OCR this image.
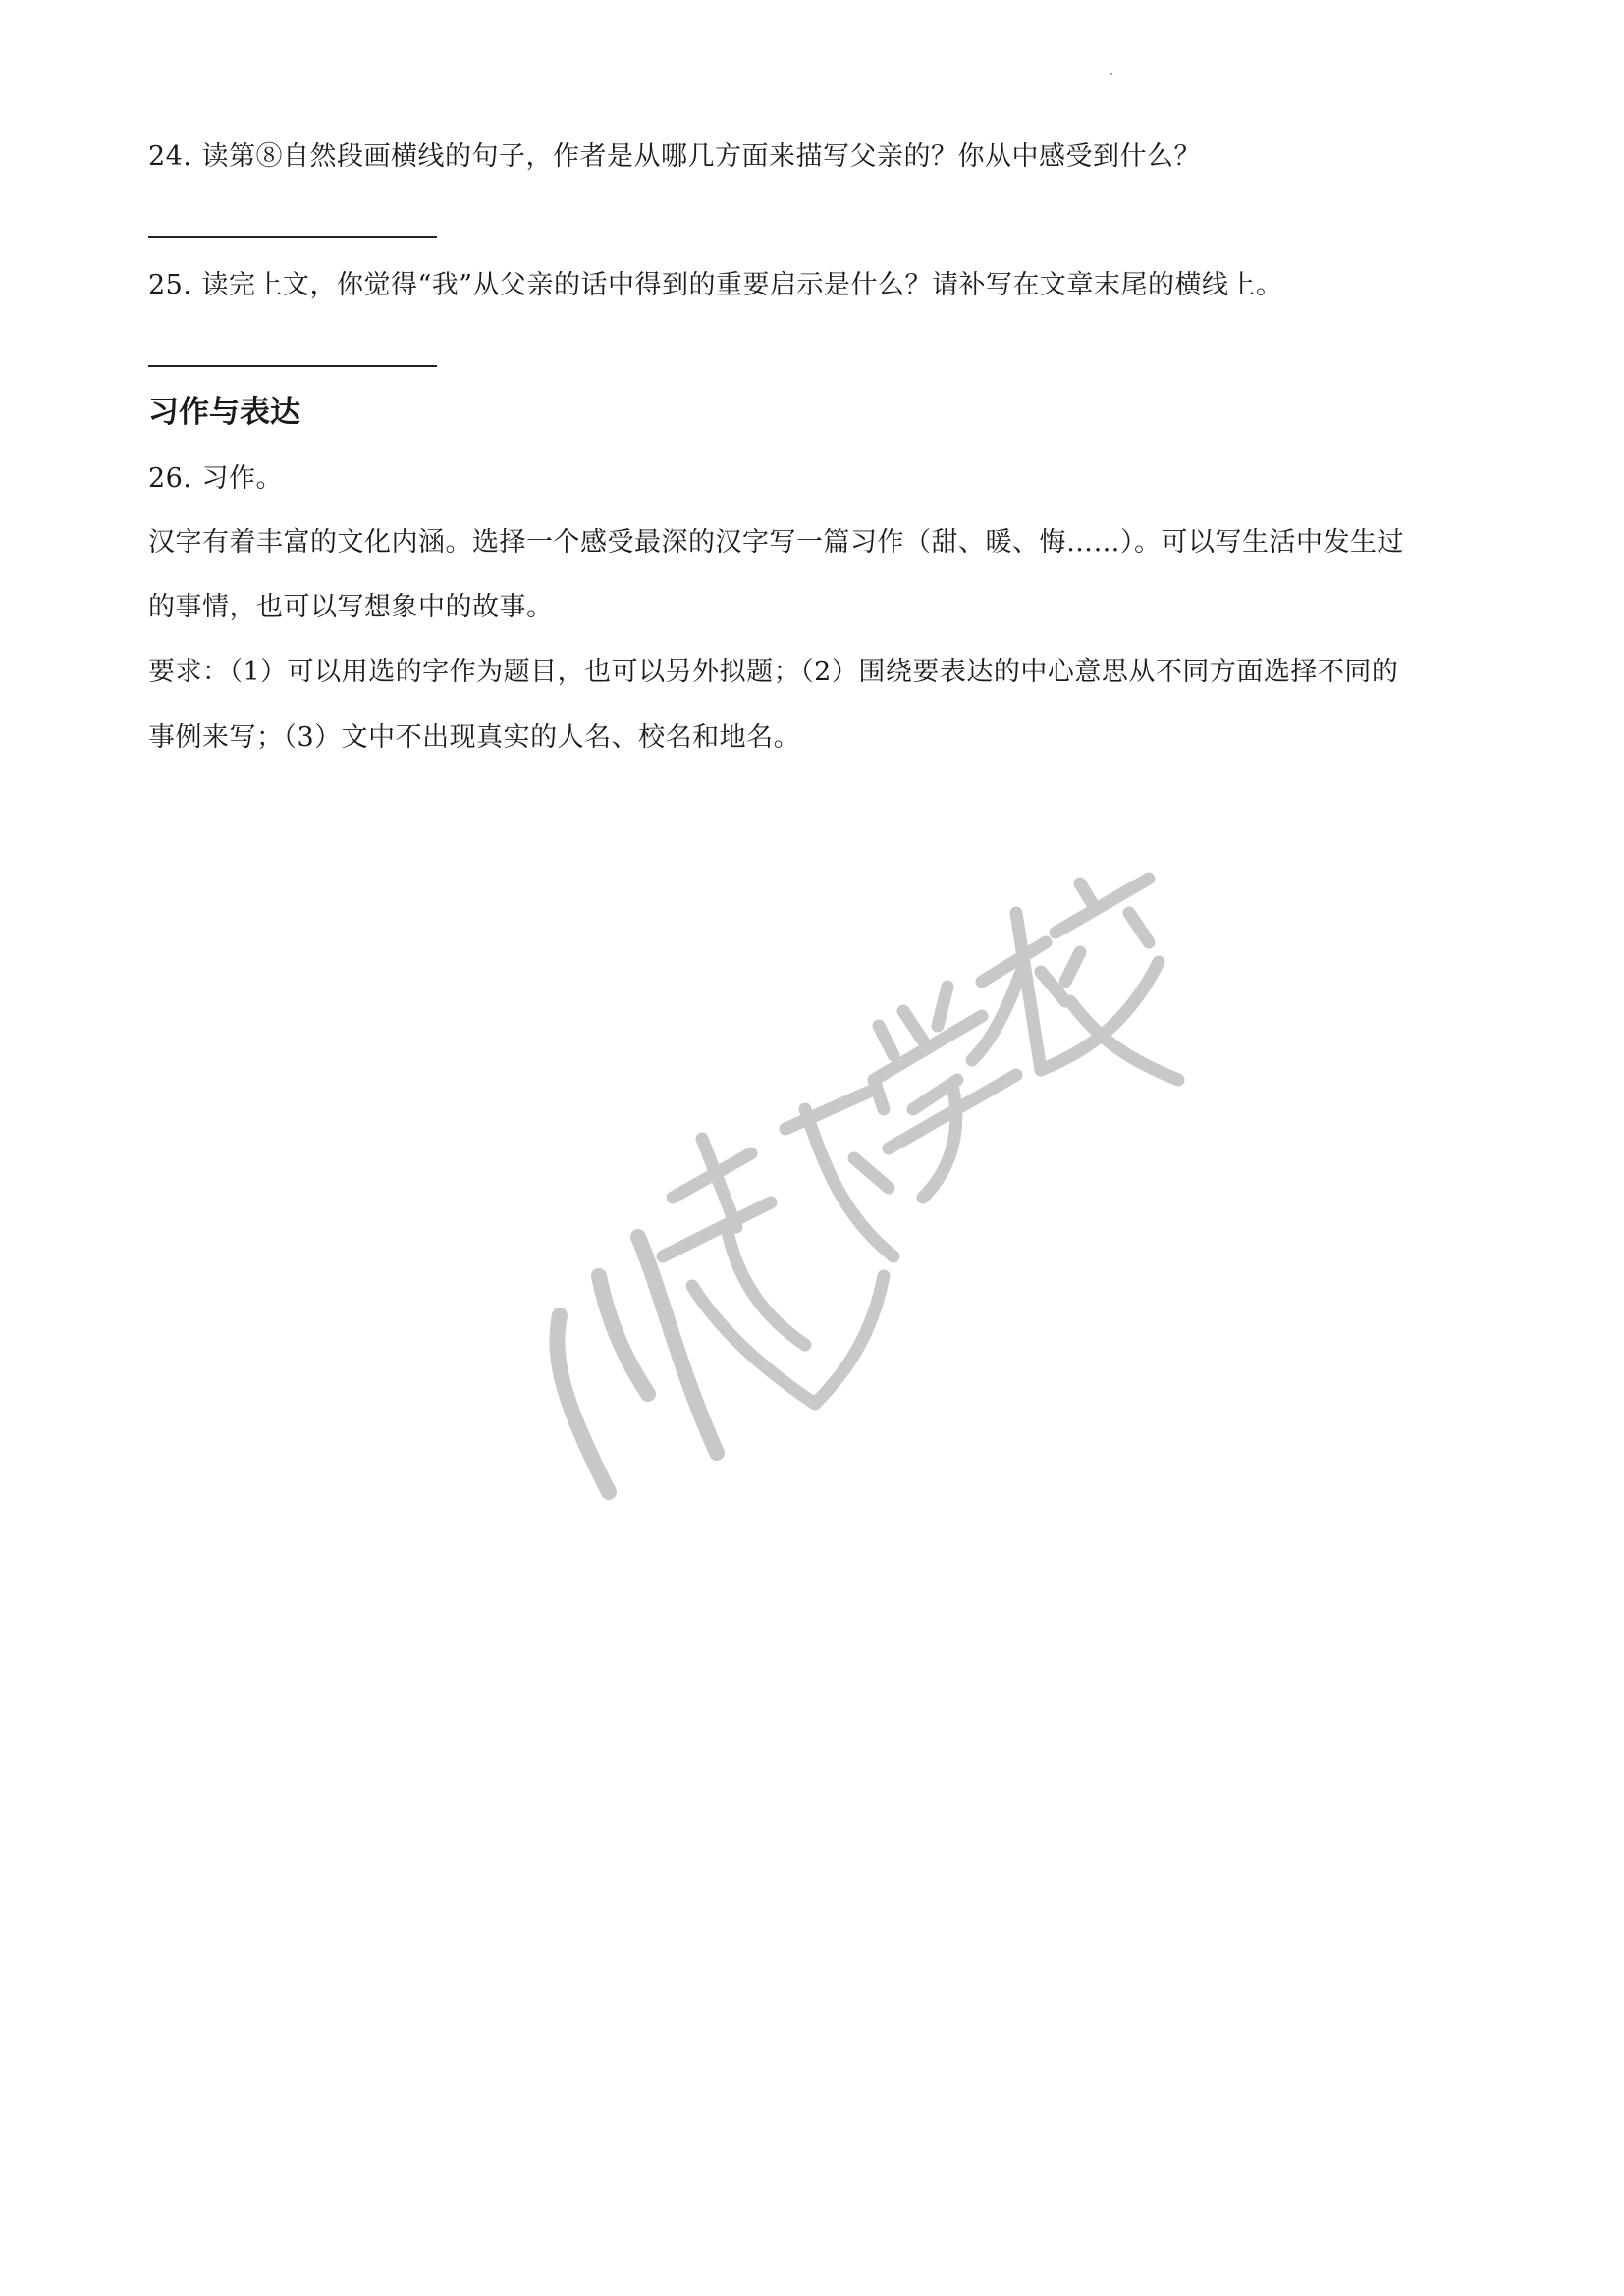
24. 读第⑧自然段画横线的句子，作者是从哪几方面来描写父亲的？你从中感受到什么？
25. 读完上文，你觉得“我”从父亲的话中得到的重要启示是什么？请补写在文章末尾的横线上。
习作与表达
26. 习作。
汉字有着丰富的文化内涵。选择一个感受最深的汉字写一篇习作（甜、暖、悔……）。可以写生活中发生过
的事情，也可以写想象中的故事。
要求：（1）可以用选的字作为题目，也可以另外拟题；（2）围绕要表达的中心意思从不同方面选择不同的
事例来写；（3）文中不出现真实的人名、校名和地名。
